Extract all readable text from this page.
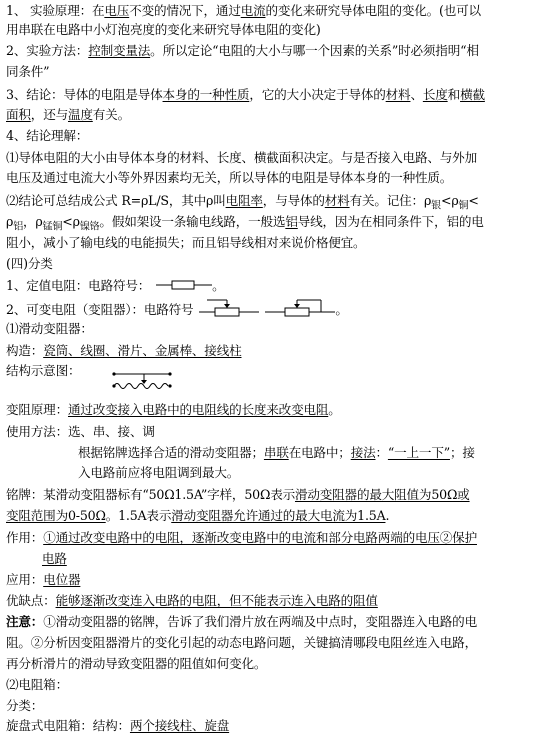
1、 实验原理：在电压不变的情况下，通过电流的变化来研究导体电阻的变化。(也可以
用串联在电路中小灯泡亮度的变化来研究导体电阻的变化)
2、实验方法：控制变量法。所以定论“电阻的大小与哪一个因素的关系”时必须指明“相
同条件”
3、结论：导体的电阻是导体本身的一种性质，它的大小决定于导体的材料、长度和横截
面积，还与温度有关。
4、结论理解：
⑴导体电阻的大小由导体本身的材料、长度、横截面积决定。与是否接入电路、与外加
电压及通过电流大小等外界因素均无关，所以导体的电阻是导体本身的一种性质。
⑵结论可总结成公式 R=ρL/S，其中ρ叫电阻率，与导体的材料有关。记住：$\rho_银<\rho_铜<$
$\rho_铝$，$\rho_{锰铜}<\rho_{镍铬}$。假如架设一条输电线路，一般选铝导线，因为在相同条件下，铝的电
阻小，减小了输电线的电能损失；而且铝导线相对来说价格便宜。
(四)分类
1、定值电阻：电路符号：	。
2、可变电阻（变阻器）：电路符号	。
⑴滑动变阻器：
构造：瓷筒、线圈、滑片、金属棒、接线柱
结构示意图：
变阻原理：通过改变接入电路中的电阻线的长度来改变电阻。
使用方法：选、串、接、调
根据铭牌选择合适的滑动变阻器；串联在电路中；接法：“一上一下”；接
入电路前应将电阻调到最大。
铭牌：某滑动变阻器标有“50Ω1.5A”字样，50Ω表示滑动变阻器的最大阻值为50Ω或
变阻范围为0-50Ω。1.5A表示滑动变阻器允许通过的最大电流为1.5A.
作用：①通过改变电路中的电阻，逐渐改变电路中的电流和部分电路两端的电压②保护
电路
应用：电位器
优缺点：能够逐渐改变连入电路的电阻，但不能表示连入电路的阻值
注意：①滑动变阻器的铭牌，告诉了我们滑片放在两端及中点时，变阻器连入电路的电
阻。②分析因变阻器滑片的变化引起的动态电路问题，关键搞清哪段电阻丝连入电路，
再分析滑片的滑动导致变阻器的阻值如何变化。
⑵电阻箱：
分类：
旋盘式电阻箱：结构：两个接线柱、旋盘
